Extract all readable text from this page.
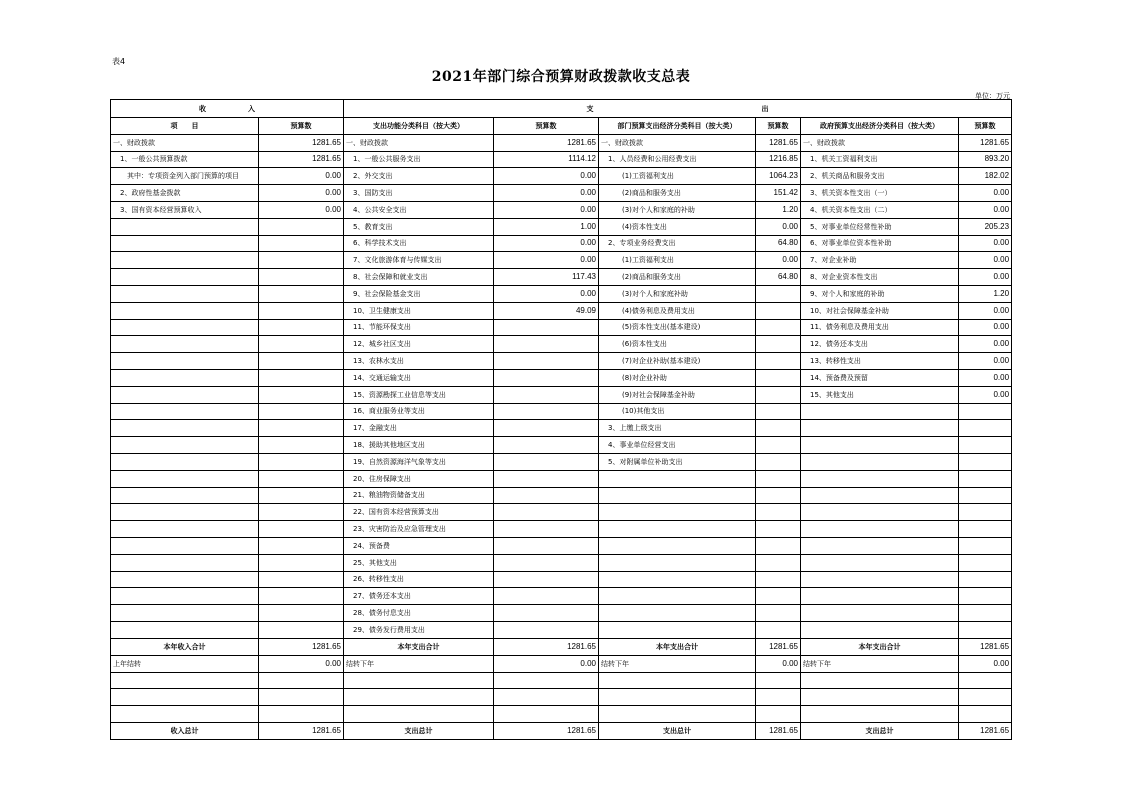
表4
2021年部门综合预算财政拨款收支总表
单位：万元
收　　　　　　入		支　　　　　　　　　　　　　　　　　　　　　　　　出					
项　　目	预算数	支出功能分类科目（按大类）	预算数	部门预算支出经济分类科目（按大类）	预算数	政府预算支出经济分类科目（按大类）	预算数
一、财政拨款	1281.65	一、财政拨款	1281.65	一、财政拨款	1281.65	一、财政拨款	1281.65
　1、一般公共预算拨款	1281.65	　1、一般公共服务支出	1114.12	　1、人员经费和公用经费支出	1216.85	　1、机关工资福利支出	893.20
　　其中：专项资金列入部门预算的项目	0.00	　2、外交支出	0.00	　　　(1)工资福利支出	1064.23	　2、机关商品和服务支出	182.02
　2、政府性基金拨款	0.00	　3、国防支出	0.00	　　　(2)商品和服务支出	151.42	　3、机关资本性支出（一）	0.00
　3、国有资本经营预算收入	0.00	　4、公共安全支出	0.00	　　　(3)对个人和家庭的补助	1.20	　4、机关资本性支出（二）	0.00
		　5、教育支出	1.00	　　　(4)资本性支出	0.00	　5、对事业单位经常性补助	205.23
		　6、科学技术支出	0.00	　2、专项业务经费支出	64.80	　6、对事业单位资本性补助	0.00
		　7、文化旅游体育与传媒支出	0.00	　　　(1)工资福利支出	0.00	　7、对企业补助	0.00
		　8、社会保障和就业支出	117.43	　　　(2)商品和服务支出	64.80	　8、对企业资本性支出	0.00
		　9、社会保险基金支出	0.00	　　　(3)对个人和家庭补助		　9、对个人和家庭的补助	1.20
		　10、卫生健康支出	49.09	　　　(4)债务利息及费用支出		　10、对社会保障基金补助	0.00
		　11、节能环保支出		　　　(5)资本性支出(基本建设)		　11、债务利息及费用支出	0.00
		　12、城乡社区支出		　　　(6)资本性支出		　12、债务还本支出	0.00
		　13、农林水支出		　　　(7)对企业补助(基本建设)		　13、转移性支出	0.00
		　14、交通运输支出		　　　(8)对企业补助		　14、预备费及预留	0.00
		　15、资源勘探工业信息等支出		　　　(9)对社会保障基金补助		　15、其他支出	0.00
		　16、商业服务业等支出		　　　(10)其他支出			
		　17、金融支出		　3、上缴上级支出			
		　18、援助其他地区支出		　4、事业单位经营支出			
		　19、自然资源海洋气象等支出		　5、对附属单位补助支出			
		　20、住房保障支出					
		　21、粮油物资储备支出					
		　22、国有资本经营预算支出					
		　23、灾害防治及应急管理支出					
		　24、预备费					
		　25、其他支出					
		　26、转移性支出					
		　27、债务还本支出					
		　28、债务付息支出					
		　29、债务发行费用支出					
本年收入合计	1281.65	本年支出合计	1281.65	本年支出合计	1281.65	本年支出合计	1281.65
上年结转	0.00	结转下年	0.00	结转下年	0.00	结转下年	0.00

收入总计	1281.65	支出总计	1281.65	支出总计	1281.65	支出总计	1281.65
